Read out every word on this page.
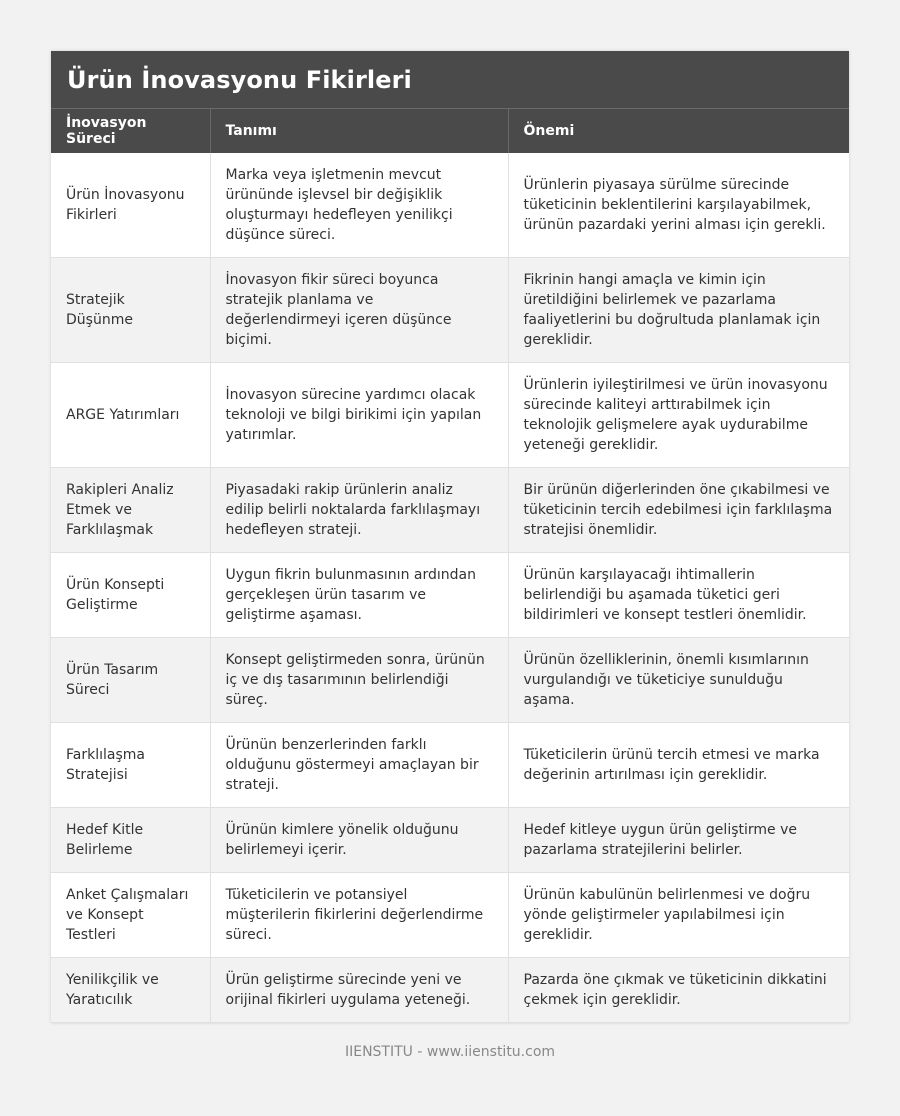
Ürün İnovasyonu Fikirleri
İnovasyon Süreci	Tanımı	Önemi
Ürün İnovasyonu Fikirleri	Marka veya işletmenin mevcut ürününde işlevsel bir değişiklik oluşturmayı hedefleyen yenilikçi düşünce süreci.	Ürünlerin piyasaya sürülme sürecinde tüketicinin beklentilerini karşılayabilmek, ürünün pazardaki yerini alması için gerekli.
Stratejik Düşünme	İnovasyon fikir süreci boyunca stratejik planlama ve değerlendirmeyi içeren düşünce biçimi.	Fikrinin hangi amaçla ve kimin için üretildiğini belirlemek ve pazarlama faaliyetlerini bu doğrultuda planlamak için gereklidir.
ARGE Yatırımları	İnovasyon sürecine yardımcı olacak teknoloji ve bilgi birikimi için yapılan yatırımlar.	Ürünlerin iyileştirilmesi ve ürün inovasyonu sürecinde kaliteyi arttırabilmek için teknolojik gelişmelere ayak uydurabilme yeteneği gereklidir.
Rakipleri Analiz Etmek ve Farklılaşmak	Piyasadaki rakip ürünlerin analiz edilip belirli noktalarda farklılaşmayı hedefleyen strateji.	Bir ürünün diğerlerinden öne çıkabilmesi ve tüketicinin tercih edebilmesi için farklılaşma stratejisi önemlidir.
Ürün Konsepti Geliştirme	Uygun fikrin bulunmasının ardından gerçekleşen ürün tasarım ve geliştirme aşaması.	Ürünün karşılayacağı ihtimallerin belirlendiği bu aşamada tüketici geri bildirimleri ve konsept testleri önemlidir.
Ürün Tasarım Süreci	Konsept geliştirmeden sonra, ürünün iç ve dış tasarımının belirlendiği süreç.	Ürünün özelliklerinin, önemli kısımlarının vurgulandığı ve tüketiciye sunulduğu aşama.
Farklılaşma Stratejisi	Ürünün benzerlerinden farklı olduğunu göstermeyi amaçlayan bir strateji.	Tüketicilerin ürünü tercih etmesi ve marka değerinin artırılması için gereklidir.
Hedef Kitle Belirleme	Ürünün kimlere yönelik olduğunu belirlemeyi içerir.	Hedef kitleye uygun ürün geliştirme ve pazarlama stratejilerini belirler.
Anket Çalışmaları ve Konsept Testleri	Tüketicilerin ve potansiyel müşterilerin fikirlerini değerlendirme süreci.	Ürünün kabulünün belirlenmesi ve doğru yönde geliştirmeler yapılabilmesi için gereklidir.
Yenilikçilik ve Yaratıcılık	Ürün geliştirme sürecinde yeni ve orijinal fikirleri uygulama yeteneği.	Pazarda öne çıkmak ve tüketicinin dikkatini çekmek için gereklidir.
IIENSTITU - www.iienstitu.com
